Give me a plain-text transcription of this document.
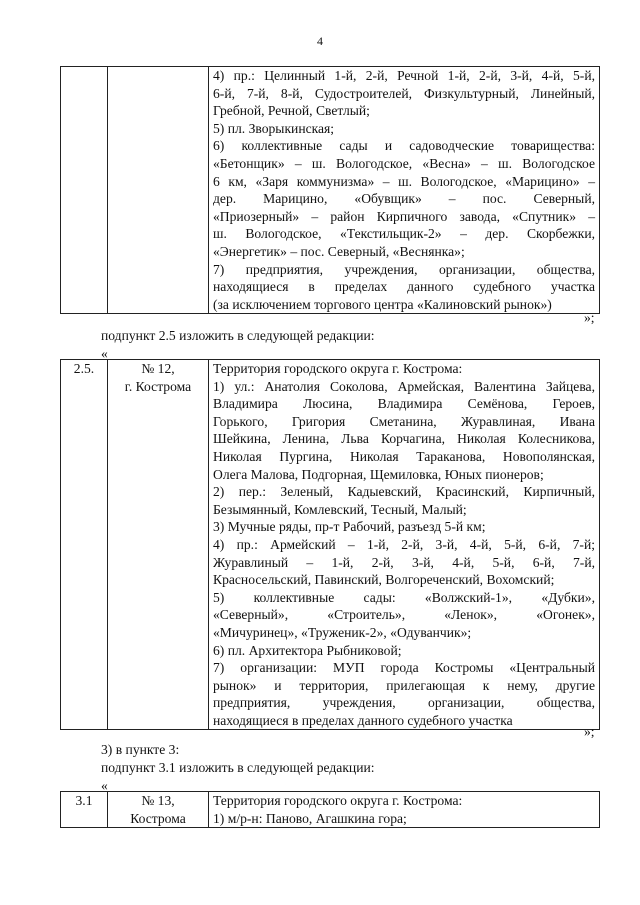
4

4) пр.: Целинный 1-й, 2-й, Речной 1-й, 2-й, 3-й, 4-й, 5-й,
6-й, 7-й, 8-й, Судостроителей, Физкультурный, Линейный,
Гребной, Речной, Светлый;
5) пл. Зворыкинская;
6) коллективные сады и садоводческие товарищества:
«Бетонщик» – ш. Вологодское, «Весна» – ш. Вологодское
6 км, «Заря коммунизма» – ш. Вологодское, «Марицино» –
дер. Марицино, «Обувщик» – пос. Северный,
«Приозерный» – район Кирпичного завода, «Спутник» –
ш. Вологодское, «Текстильщик-2» – дер. Скорбежки,
«Энергетик» – пос. Северный, «Веснянка»;
7) предприятия, учреждения, организации, общества,
находящиеся в пределах данного судебного участка
(за исключением торгового центра «Калиновский рынок»)
»;
подпункт 2.5 изложить в следующей редакции:
«
2.5.	№ 12,
г. Кострома

Территория городского округа г. Кострома:
1) ул.: Анатолия Соколова, Армейская, Валентина Зайцева,
Владимира Люсина, Владимира Семёнова, Героев,
Горького, Григория Сметанина, Журавлиная, Ивана
Шейкина, Ленина, Льва Корчагина, Николая Колесникова,
Николая Пургина, Николая Тараканова, Новополянская,
Олега Малова, Подгорная, Щемиловка, Юных пионеров;
2) пер.: Зеленый, Кадыевский, Красинский, Кирпичный,
Безымянный, Комлевский, Тесный, Малый;
3) Мучные ряды, пр-т Рабочий, разъезд 5-й км;
4) пр.: Армейский – 1-й, 2-й, 3-й, 4-й, 5-й, 6-й, 7-й;
Журавлиный – 1-й, 2-й, 3-й, 4-й, 5-й, 6-й, 7-й,
Красносельский, Павинский, Волгореченский, Вохомский;
5) коллективные сады: «Волжский-1», «Дубки»,
«Северный», «Строитель», «Ленок», «Огонек»,
«Мичуринец», «Труженик-2», «Одуванчик»;
6) пл. Архитектора Рыбниковой;
7) организации: МУП города Костромы «Центральный
рынок» и территория, прилегающая к нему, другие
предприятия, учреждения, организации, общества,
находящиеся в пределах данного судебного участка
»;
3) в пункте 3:
подпункт 3.1 изложить в следующей редакции:
«
3.1	№ 13,
Кострома

Территория городского округа г. Кострома:
1) м/р-н: Паново, Агашкина гора;
